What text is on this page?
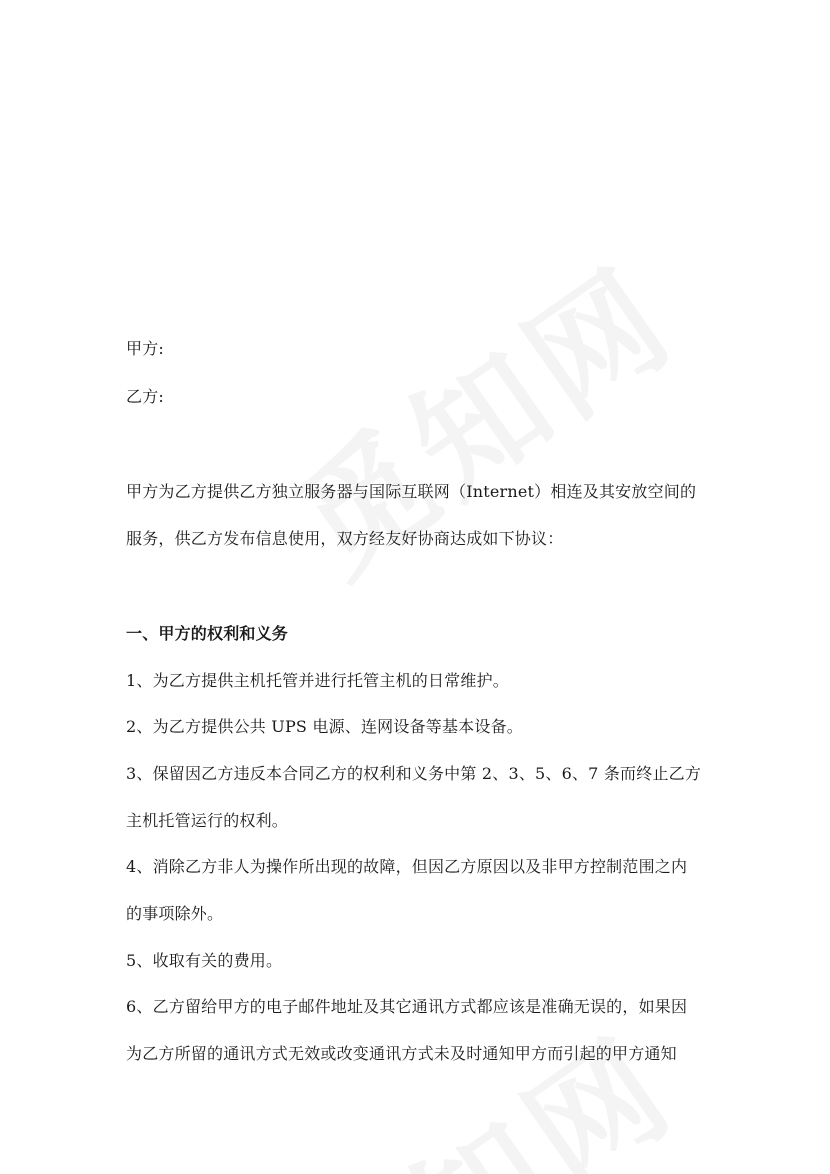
甲方:
乙方:
甲方为乙方提供乙方独立服务器与国际互联网（Internet）相连及其安放空间的
服务，供乙方发布信息使用，双方经友好协商达成如下协议：
一、甲方的权利和义务
1、为乙方提供主机托管并进行托管主机的日常维护。
2、为乙方提供公共 UPS 电源、连网设备等基本设备。
3、保留因乙方违反本合同乙方的权利和义务中第 2、3、5、6、7 条而终止乙方
主机托管运行的权利。
4、消除乙方非人为操作所出现的故障，但因乙方原因以及非甲方控制范围之内
的事项除外。
5、收取有关的费用。
6、乙方留给甲方的电子邮件地址及其它通讯方式都应该是准确无误的，如果因
为乙方所留的通讯方式无效或改变通讯方式未及时通知甲方而引起的甲方通知
